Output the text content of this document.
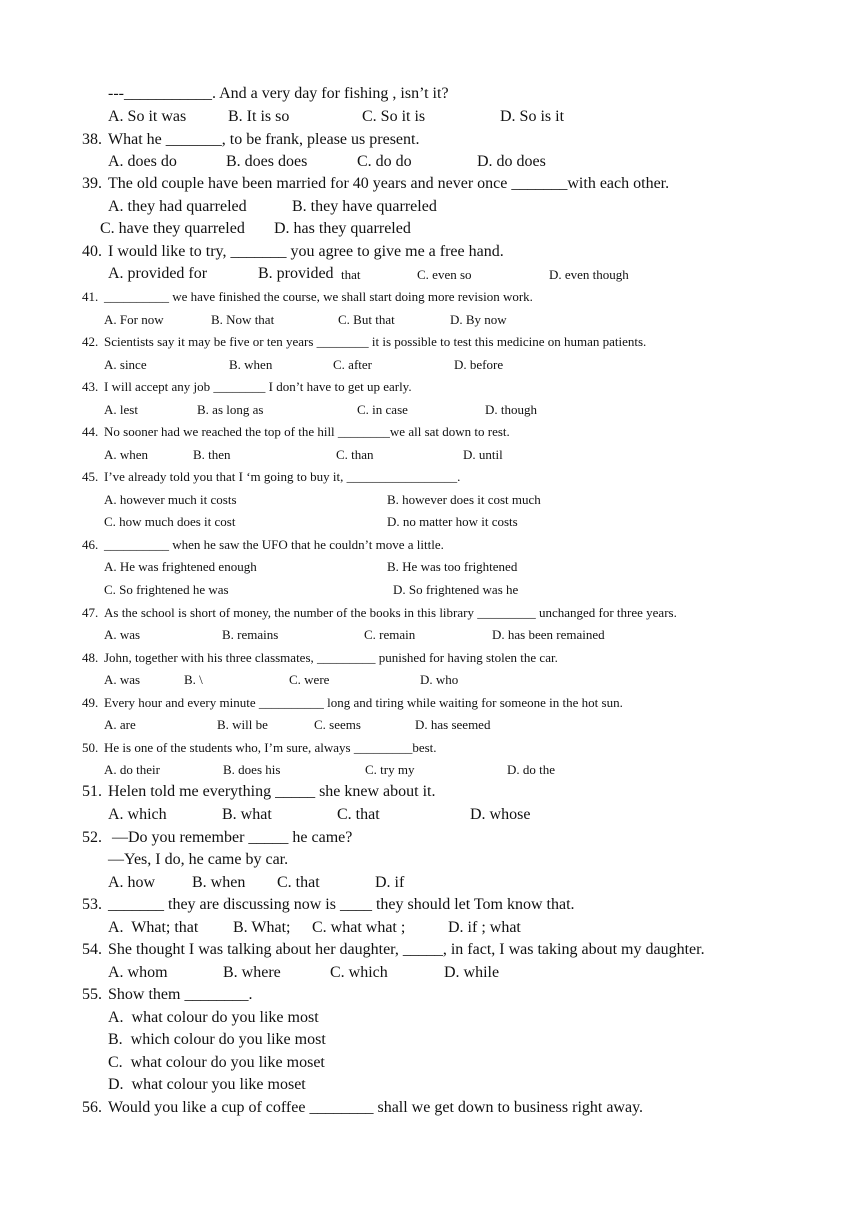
---___________. And a very day for fishing , isn’t it?
A. So it was	B. It is so	C. So it is	D. So is it
38. What he _______, to be frank, please us present.
A. does do	B. does does	C. do do	D. do does
39. The old couple have been married for 40 years and never once _______with each other.
A. they had quarreled	B. they have quarreled
C. have they quarreled D. has they quarreled
40. I would like to try, _______ you agree to give me a free hand.
A. provided for	B. provided that	C. even so	D. even though
41. __________ we have finished the course, we shall start doing more revision work.
A. For now	B. Now that	C. But that	D. By now
42. Scientists say it may be five or ten years ________ it is possible to test this medicine on human patients.
A. since	B. when	C. after	D. before
43. I will accept any job ________ I don’t have to get up early.
A. lest	B. as long as	C. in case	D. though
44. No sooner had we reached the top of the hill ________we all sat down to rest.
A. when	B. then	C. than	D. until
45. I’ve already told you that I ‘m going to buy it, _________________.
A. however much it costs	B. however does it cost much
C. how much does it cost	D. no matter how it costs
46. __________ when he saw the UFO that he couldn’t move a little.
A. He was frightened enough	B. He was too frightened
C. So frightened he was	D. So frightened was he
47. As the school is short of money, the number of the books in this library _________ unchanged for three years.
A. was	B. remains	C. remain	D. has been remained
48. John, together with his three classmates, _________ punished for having stolen the car.
A. was	B. \	C. were	D. who
49. Every hour and every minute __________ long and tiring while waiting for someone in the hot sun.
A. are	B. will be	C. seems	D. has seemed
50. He is one of the students who, I’m sure, always _________best.
A. do their	B. does his	C. try my	D. do the
51. Helen told me everything _____ she knew about it.
A. which	B. what	C. that	D. whose
52. —Do you remember _____ he came?
—Yes, I do, he came by car.
A. how B. when C. that	D. if
53. _______ they are discussing now is ____ they should let Tom know that.
A.  What; that B. What; C. what what ;	D. if ; what
54. She thought I was talking about her daughter, _____, in fact, I was taking about my daughter.
A. whom	B. where	C. which	D. while
55. Show them ________.
A.  what colour do you like most
B.  which colour do you like most
C.  what colour do you like moset
D.  what colour you like moset
56. Would you like a cup of coffee ________ shall we get down to business right away.
